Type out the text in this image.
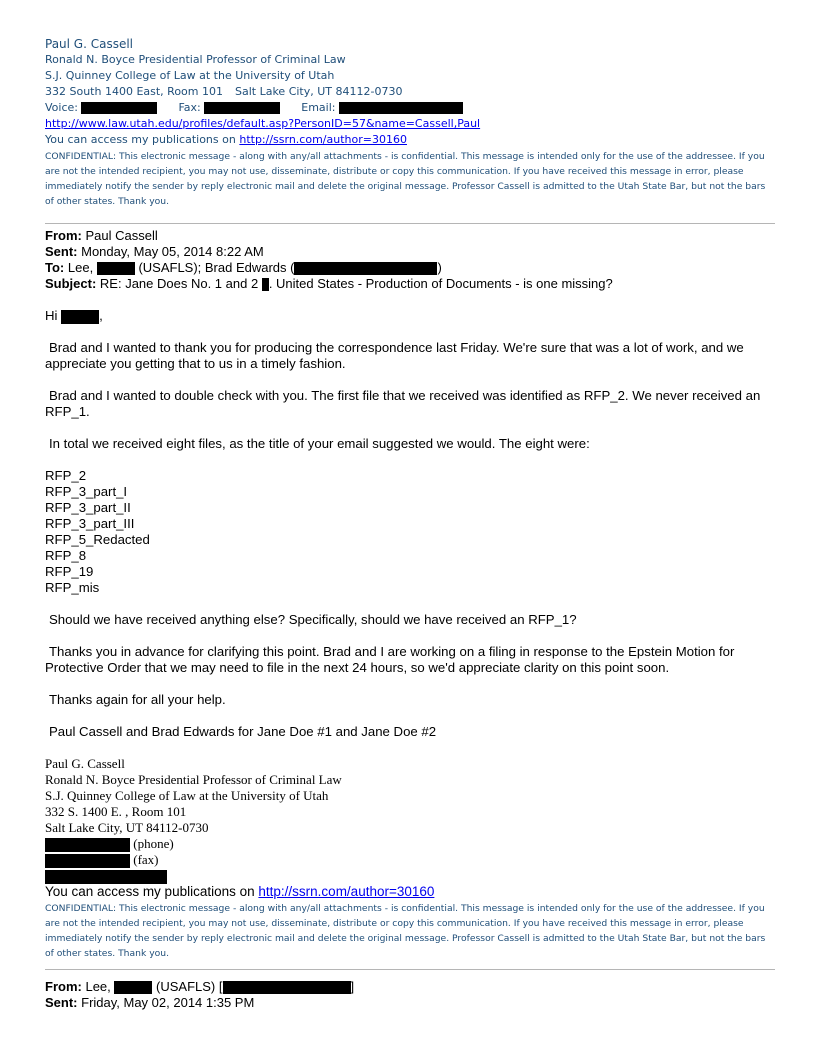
Paul G. Cassell
Ronald N. Boyce Presidential Professor of Criminal Law
S.J. Quinney College of Law at the University of Utah
332 South 1400 East, Room 101 Salt Lake City, UT 84112-0730
Voice:	Fax:	Email:
http://www.law.utah.edu/profiles/default.asp?PersonID=57&name=Cassell,Paul
You can access my publications on http://ssrn.com/author=30160
CONFIDENTIAL: This electronic message - along with any/all attachments - is confidential. This message is intended only for the use of the addressee. If you are not the intended recipient, you may not use, disseminate, distribute or copy this communication. If you have received this message in error, please immediately notify the sender by reply electronic mail and delete the original message. Professor Cassell is admitted to the Utah State Bar, but not the bars of other states. Thank you.
From: Paul Cassell
Sent: Monday, May 05, 2014 8:22 AM
To: Lee,	(USAFLS); Brad Edwards (	)
Subject: RE: Jane Does No. 1 and 2 . United States - Production of Documents - is one missing?
Hi	,
Brad and I wanted to thank you for producing the correspondence last Friday. We're sure that was a lot of work, and we appreciate you getting that to us in a timely fashion.
Brad and I wanted to double check with you. The first file that we received was identified as RFP_2. We never received an RFP_1.
In total we received eight files, as the title of your email suggested we would. The eight were:
RFP_2
RFP_3_part_I
RFP_3_part_II
RFP_3_part_III
RFP_5_Redacted
RFP_8
RFP_19
RFP_mis
Should we have received anything else? Specifically, should we have received an RFP_1?
Thanks you in advance for clarifying this point. Brad and I are working on a filing in response to the Epstein Motion for Protective Order that we may need to file in the next 24 hours, so we'd appreciate clarity on this point soon.
Thanks again for all your help.
Paul Cassell and Brad Edwards for Jane Doe #1 and Jane Doe #2
Paul G. Cassell
Ronald N. Boyce Presidential Professor of Criminal Law
S.J. Quinney College of Law at the University of Utah
332 S. 1400 E. , Room 101
Salt Lake City, UT 84112-0730
(phone)
(fax)
You can access my publications on http://ssrn.com/author=30160
CONFIDENTIAL: This electronic message - along with any/all attachments - is confidential. This message is intended only for the use of the addressee. If you are not the intended recipient, you may not use, disseminate, distribute or copy this communication. If you have received this message in error, please immediately notify the sender by reply electronic mail and delete the original message. Professor Cassell is admitted to the Utah State Bar, but not the bars of other states. Thank you.
From: Lee,	(USAFLS) [	]
Sent: Friday, May 02, 2014 1:35 PM
